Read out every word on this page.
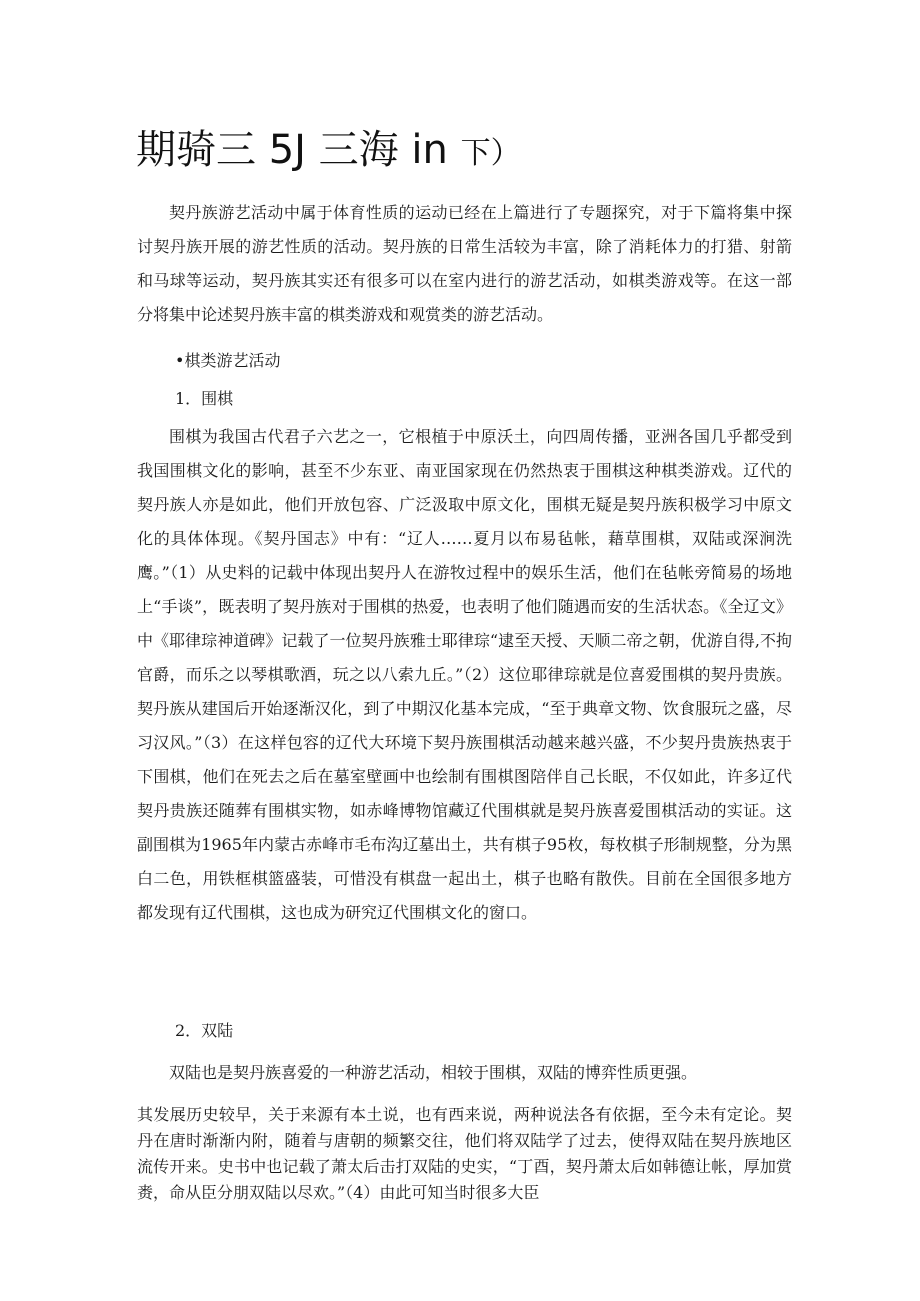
期骑三 5J 三海 in 下）

契丹族游艺活动中属于体育性质的运动已经在上篇进行了专题探究，对于下篇将集中探讨契丹族开展的游艺性质的活动。契丹族的日常生活较为丰富，除了消耗体力的打猎、射箭和马球等运动，契丹族其实还有很多可以在室内进行的游艺活动，如棋类游戏等。在这一部分将集中论述契丹族丰富的棋类游戏和观赏类的游艺活动。

•棋类游艺活动

1．围棋

围棋为我国古代君子六艺之一，它根植于中原沃土，向四周传播，亚洲各国几乎都受到我国围棋文化的影响，甚至不少东亚、南亚国家现在仍然热衷于围棋这种棋类游戏。辽代的契丹族人亦是如此，他们开放包容、广泛汲取中原文化，围棋无疑是契丹族积极学习中原文化的具体体现。《契丹国志》中有：“辽人……夏月以布易毡帐，藉草围棋，双陆或深涧洗鹰。”（1）从史料的记载中体现出契丹人在游牧过程中的娱乐生活，他们在毡帐旁简易的场地上“手谈”，既表明了契丹族对于围棋的热爱，也表明了他们随遇而安的生活状态。《全辽文》中《耶律琮神道碑》记载了一位契丹族雅士耶律琮“逮至天授、天顺二帝之朝，优游自得,不拘官爵，而乐之以琴棋歌酒，玩之以八索九丘。”（2）这位耶律琮就是位喜爱围棋的契丹贵族。契丹族从建国后开始逐渐汉化，到了中期汉化基本完成，“至于典章文物、饮食服玩之盛，尽习汉风。”（3）在这样包容的辽代大环境下契丹族围棋活动越来越兴盛，不少契丹贵族热衷于下围棋，他们在死去之后在墓室壁画中也绘制有围棋图陪伴自己长眠，不仅如此，许多辽代契丹贵族还随葬有围棋实物，如赤峰博物馆藏辽代围棋就是契丹族喜爱围棋活动的实证。这副围棋为1965年内蒙古赤峰市毛布沟辽墓出土，共有棋子95枚，每枚棋子形制规整，分为黑白二色，用铁框棋篮盛装，可惜没有棋盘一起出土，棋子也略有散佚。目前在全国很多地方都发现有辽代围棋，这也成为研究辽代围棋文化的窗口。

2．双陆

双陆也是契丹族喜爱的一种游艺活动，相较于围棋，双陆的博弈性质更强。

其发展历史较早，关于来源有本土说，也有西来说，两种说法各有依据，至今未有定论。契丹在唐时渐渐内附，随着与唐朝的频繁交往，他们将双陆学了过去，使得双陆在契丹族地区流传开来。史书中也记载了萧太后击打双陆的史实，“丁酉，契丹萧太后如韩德让帐，厚加赏赉，命从臣分朋双陆以尽欢。”（4）由此可知当时很多大臣
